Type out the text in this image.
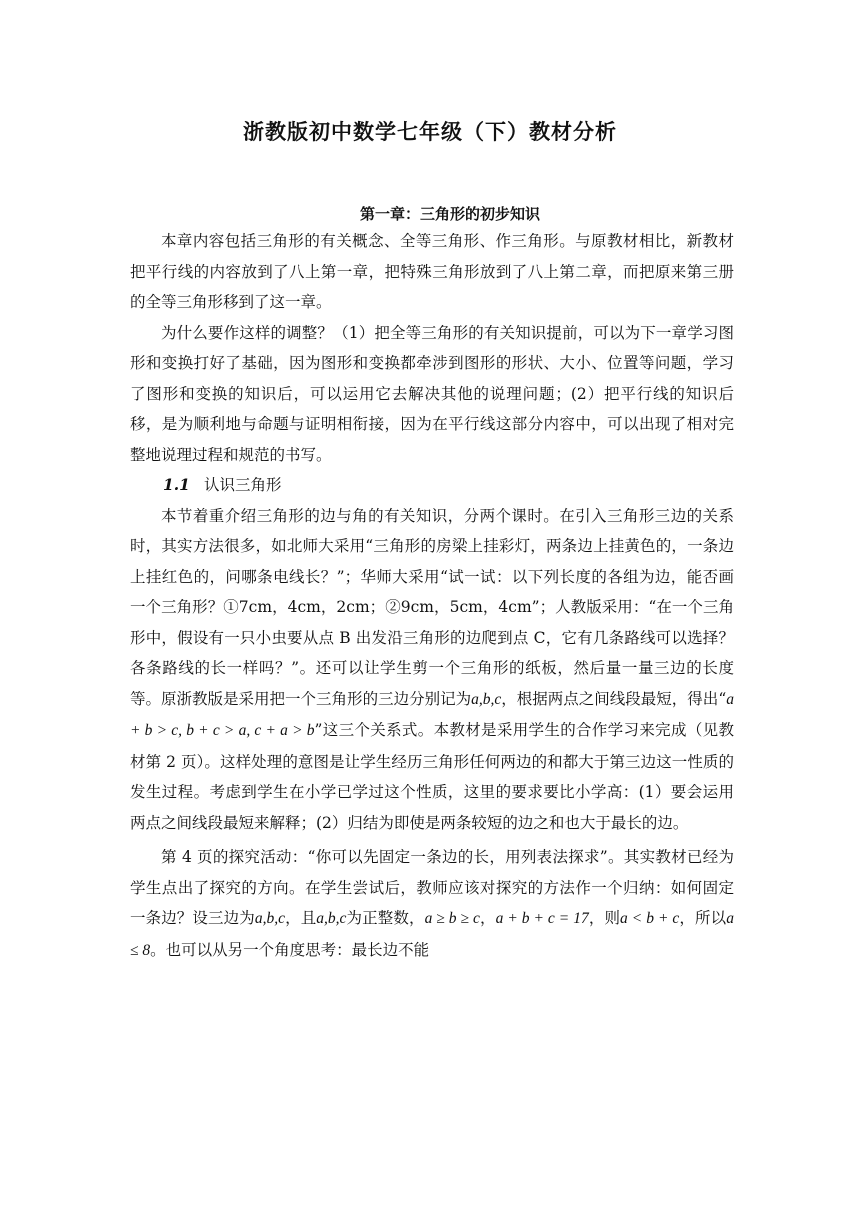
浙教版初中数学七年级（下）教材分析
第一章：三角形的初步知识

本章内容包括三角形的有关概念、全等三角形、作三角形。与原教材相比，新教材把平行线的内容放到了八上第一章，把特殊三角形放到了八上第二章，而把原来第三册的全等三角形移到了这一章。

为什么要作这样的调整？（1）把全等三角形的有关知识提前，可以为下一章学习图形和变换打好了基础，因为图形和变换都牵涉到图形的形状、大小、位置等问题，学习了图形和变换的知识后，可以运用它去解决其他的说理问题；(2）把平行线的知识后移，是为顺利地与命题与证明相衔接，因为在平行线这部分内容中，可以出现了相对完整地说理过程和规范的书写。

1.1 认识三角形

本节着重介绍三角形的边与角的有关知识，分两个课时。在引入三角形三边的关系时，其实方法很多，如北师大采用“三角形的房梁上挂彩灯，两条边上挂黄色的，一条边上挂红色的，问哪条电线长？”；华师大采用“试一试：以下列长度的各组为边，能否画一个三角形？①7cm，4cm，2cm；②9cm，5cm，4cm”；人教版采用：“在一个三角形中，假设有一只小虫要从点 B 出发沿三角形的边爬到点 C，它有几条路线可以选择？各条路线的长一样吗？”。还可以让学生剪一个三角形的纸板，然后量一量三边的长度等。原浙教版是采用把一个三角形的三边分别记为a,b,c，根据两点之间线段最短，得出“a + b > c, b + c > a, c + a > b”这三个关系式。本教材是采用学生的合作学习来完成（见教材第 2 页）。这样处理的意图是让学生经历三角形任何两边的和都大于第三边这一性质的发生过程。考虑到学生在小学已学过这个性质，这里的要求要比小学高：(1）要会运用两点之间线段最短来解释；(2）归结为即使是两条较短的边之和也大于最长的边。

第 4 页的探究活动：“你可以先固定一条边的长，用列表法探求”。其实教材已经为学生点出了探究的方向。在学生尝试后，教师应该对探究的方法作一个归纳：如何固定一条边？设三边为a,b,c，且a,b,c为正整数，a ≥ b ≥ c，a + b + c = 17，则a < b + c，所以a ≤ 8。也可以从另一个角度思考：最长边不能
